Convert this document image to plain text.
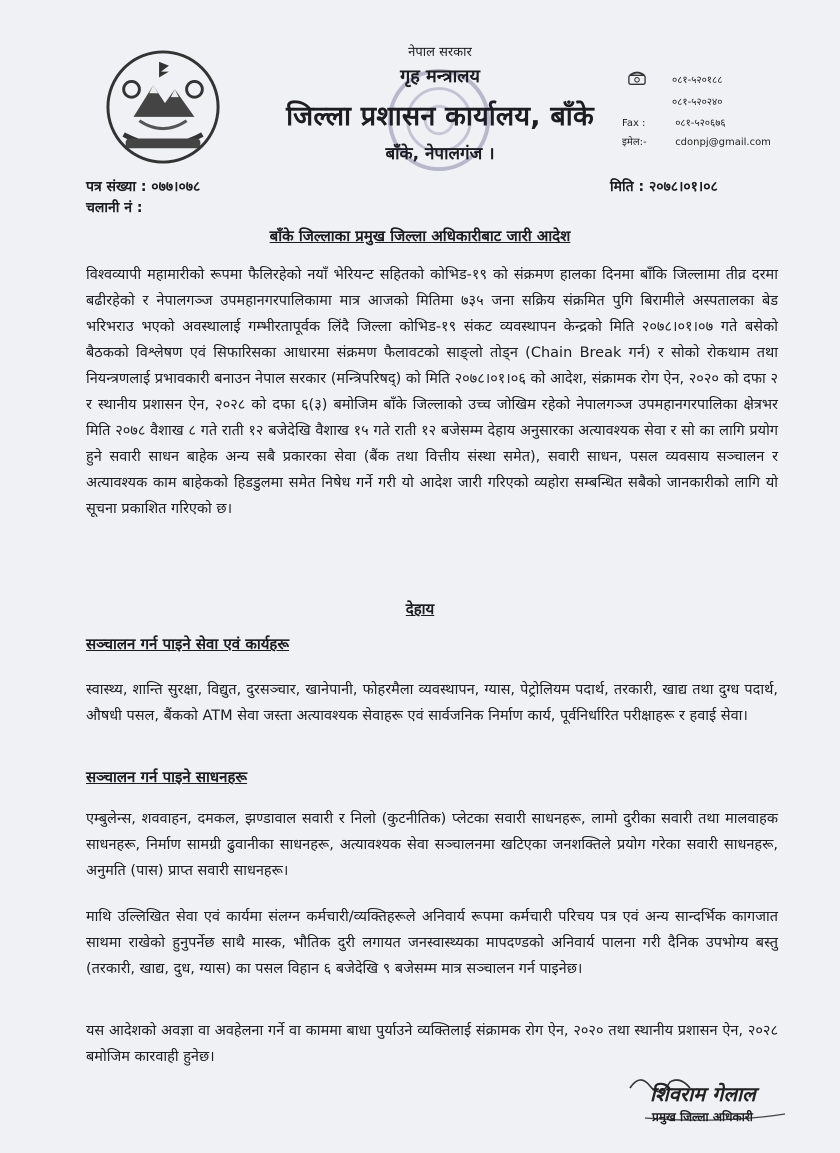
नेपाल सरकार
गृह मन्त्रालय
जिल्ला प्रशासन कार्यालय, बाँके
बाँके, नेपालगंज ।
०८१-५२०१८८
०८१-५२०२४०
Fax :	०८१-५२०६७६
इमेल:-	cdonpj@gmail.com
पत्र संख्या : ०७७।०७८
चलानी नं :
मिति : २०७८।०१।०८
बाँके जिल्लाका प्रमुख जिल्ला अधिकारीबाट जारी आदेश
विश्वव्यापी महामारीको रूपमा फैलिरहेको नयाँ भेरियन्ट सहितको कोभिड-१९ को संक्रमण हालका दिनमा बाँकि जिल्लामा तीव्र दरमा बढीरहेको र नेपालगञ्ज उपमहानगरपालिकामा मात्र आजको मितिमा ७३५ जना सक्रिय संक्रमित पुगि बिरामीले अस्पतालका बेड भरिभराउ भएको अवस्थालाई गम्भीरतापूर्वक लिंदै जिल्ला कोभिड-१९ संकट व्यवस्थापन केन्द्रको मिति २०७८।०१।०७ गते बसेको बैठकको विश्लेषण एवं सिफारिसका आधारमा संक्रमण फैलावटको साङ्लो तोड्न (Chain Break गर्न) र सोको रोकथाम तथा नियन्त्रणलाई प्रभावकारी बनाउन नेपाल सरकार (मन्त्रिपरिषद्) को मिति २०७८।०१।०६ को आदेश, संक्रामक रोग ऐन, २०२० को दफा २ र स्थानीय प्रशासन ऐन, २०२८ को दफा ६(३) बमोजिम बाँके जिल्लाको उच्च जोखिम रहेको नेपालगञ्ज उपमहानगरपालिका क्षेत्रभर मिति २०७८ वैशाख ८ गते राती १२ बजेदेखि वैशाख १५ गते राती १२ बजेसम्म देहाय अनुसारका अत्यावश्यक सेवा र सो का लागि प्रयोग हुने सवारी साधन बाहेक अन्य सबै प्रकारका सेवा (बैंक तथा वित्तीय संस्था समेत), सवारी साधन, पसल व्यवसाय सञ्चालन र अत्यावश्यक काम बाहेकको हिडडुलमा समेत निषेध गर्ने गरी यो आदेश जारी गरिएको व्यहोरा सम्बन्धित सबैको जानकारीको लागि यो सूचना प्रकाशित गरिएको छ।
देहाय
सञ्चालन गर्न पाइने सेवा एवं कार्यहरू
स्वास्थ्य, शान्ति सुरक्षा, विद्युत, दुरसञ्चार, खानेपानी, फोहरमैला व्यवस्थापन, ग्यास, पेट्रोलियम पदार्थ, तरकारी, खाद्य तथा दुग्ध पदार्थ, औषधी पसल, बैंकको ATM सेवा जस्ता अत्यावश्यक सेवाहरू एवं सार्वजनिक निर्माण कार्य, पूर्वनिर्धारित परीक्षाहरू र हवाई सेवा।
सञ्चालन गर्न पाइने साधनहरू
एम्बुलेन्स, शववाहन, दमकल, झण्डावाल सवारी र निलो (कुटनीतिक) प्लेटका सवारी साधनहरू, लामो दुरीका सवारी तथा मालवाहक साधनहरू, निर्माण सामग्री ढुवानीका साधनहरू, अत्यावश्यक सेवा सञ्चालनमा खटिएका जनशक्तिले प्रयोग गरेका सवारी साधनहरू, अनुमति (पास) प्राप्त सवारी साधनहरू।
माथि उल्लिखित सेवा एवं कार्यमा संलग्न कर्मचारी/व्यक्तिहरूले अनिवार्य रूपमा कर्मचारी परिचय पत्र एवं अन्य सान्दर्भिक कागजात साथमा राखेको हुनुपर्नेछ साथै मास्क, भौतिक दुरी लगायत जनस्वास्थ्यका मापदण्डको अनिवार्य पालना गरी दैनिक उपभोग्य बस्तु (तरकारी, खाद्य, दुध, ग्यास) का पसल विहान ६ बजेदेखि ९ बजेसम्म मात्र सञ्चालन गर्न पाइनेछ।
यस आदेशको अवज्ञा वा अवहेलना गर्ने वा काममा बाधा पुर्याउने व्यक्तिलाई संक्रामक रोग ऐन, २०२० तथा स्थानीय प्रशासन ऐन, २०२८ बमोजिम कारवाही हुनेछ।
शिवराम गेलाल
प्रमुख जिल्ला अधिकारी
